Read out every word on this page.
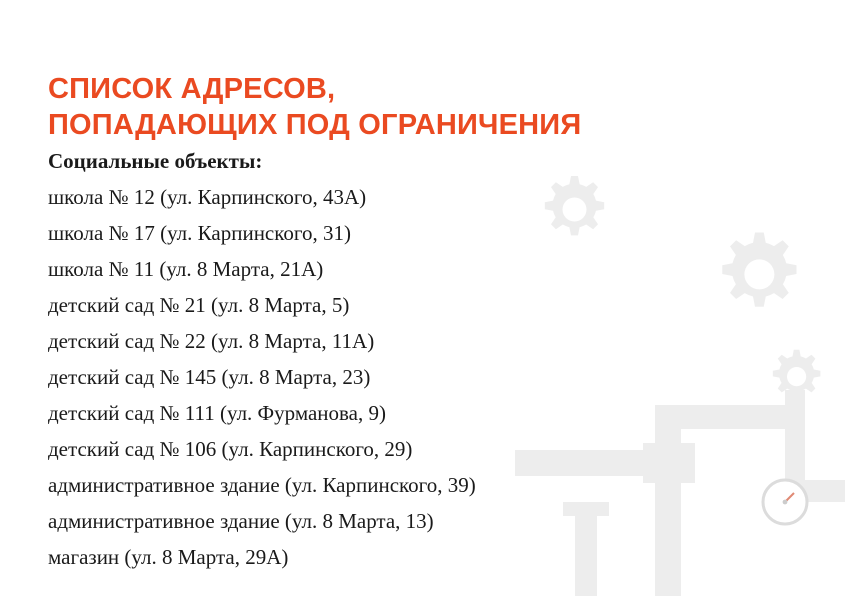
СПИСОК АДРЕСОВ,
ПОПАДАЮЩИХ ПОД ОГРАНИЧЕНИЯ
Социальные объекты:
школа № 12 (ул. Карпинского, 43А)
школа № 17 (ул. Карпинского, 31)
школа № 11 (ул. 8 Марта, 21А)
детский сад № 21 (ул. 8 Марта, 5)
детский сад № 22 (ул. 8 Марта, 11А)
детский сад № 145 (ул. 8 Марта, 23)
детский сад № 111 (ул. Фурманова, 9)
детский сад № 106 (ул. Карпинского, 29)
административное здание (ул. Карпинского, 39)
административное здание (ул. 8 Марта, 13)
магазин (ул. 8 Марта, 29А)
